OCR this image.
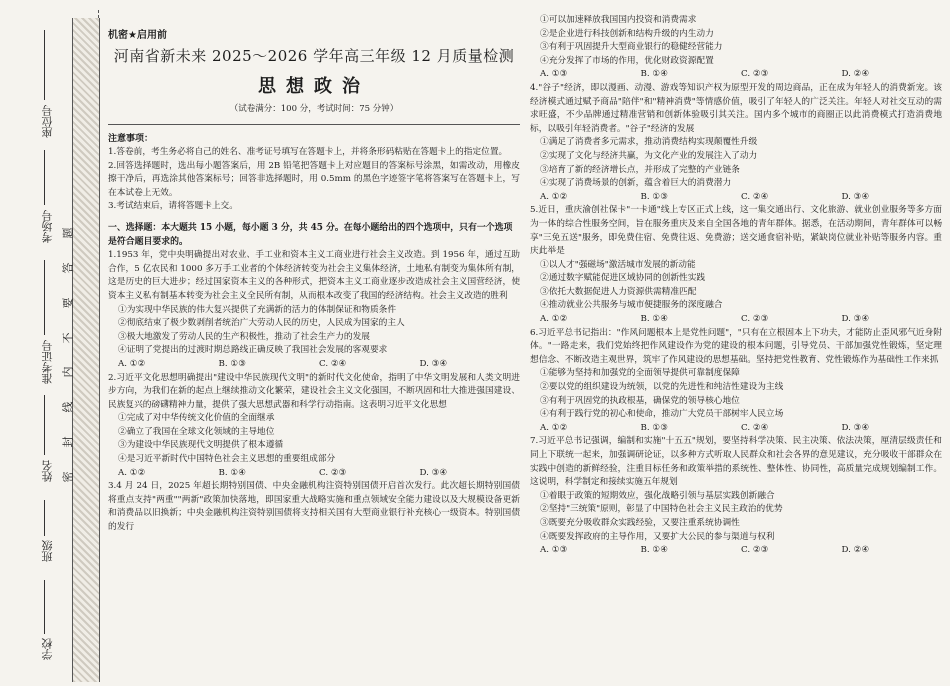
座位号
考场号
准考证号
姓名
班级
学校
题
答
要
不
内
线
封
密

机密★启用前

河南省新未来 2025～2026 学年高三年级 12 月质量检测

思想政治

（试卷满分：100 分，考试时间：75 分钟）

注意事项：

1.答卷前，考生务必将自己的姓名、准考证号填写在答题卡上，并将条形码粘贴在答题卡上的指定位置。

2.回答选择题时，选出每小题答案后，用 2B 铅笔把答题卡上对应题目的答案标号涂黑，如需改动，用橡皮擦干净后，再选涂其他答案标号；回答非选择题时，用 0.5mm 的黑色字迹签字笔将答案写在答题卡上，写在本试卷上无效。

3.考试结束后，请将答题卡上交。

一、选择题：本大题共 15 小题，每小题 3 分，共 45 分。在每小题给出的四个选项中，只有一个选项是符合题目要求的。

1.1953 年，党中央明确提出对农业、手工业和资本主义工商业进行社会主义改造。到 1956 年，通过互助合作，5 亿农民和 1000 多万手工业者的个体经济转变为社会主义集体经济，土地私有制变为集体所有制，这是历史的巨大进步；经过国家资本主义的各种形式，把资本主义工商业逐步改造成社会主义国营经济，使资本主义私有制基本转变为社会主义全民所有制，从而根本改变了我国的经济结构。社会主义改造的胜利

①为实现中华民族的伟大复兴提供了充满新的活力的体制保证和物质条件

②彻底结束了极少数剥削者统治广大劳动人民的历史，人民成为国家的主人

③极大地激发了劳动人民的生产积极性，推动了社会生产力的发展

④证明了党提出的过渡时期总路线正确反映了我国社会发展的客观要求

A. ①②	B. ①③	C. ②④	D. ③④

2.习近平文化思想明确提出"建设中华民族现代文明"的新时代文化使命，指明了中华文明发展和人类文明进步方向，为我们在新的起点上继续推动文化繁荣，建设社会主义文化强国，不断巩固和壮大推进强国建设、民族复兴的磅礴精神力量，提供了强大思想武器和科学行动指南。这表明习近平文化思想

①完成了对中华传统文化价值的全面继承

②确立了我国在全球文化领域的主导地位

③为建设中华民族现代文明提供了根本遵循

④是习近平新时代中国特色社会主义思想的重要组成部分

A. ①②	B. ①④	C. ②③	D. ③④

3.4 月 24 日，2025 年超长期特别国债、中央金融机构注资特别国债开启首次发行。此次超长期特别国债将重点支持"两重""两新"政策加快落地，即国家重大战略实施和重点领域安全能力建设以及大规模设备更新和消费品以旧换新；中央金融机构注资特别国债将支持相关国有大型商业银行补充核心一级资本。特别国债的发行

①可以加速释放我国国内投资和消费需求

②是企业进行科技创新和结构升级的内生动力

③有利于巩固提升大型商业银行的稳健经营能力

④充分发挥了市场的作用，优化财政资源配置

A. ①③	B. ①④	C. ②③	D. ②④

4."谷子"经济，即以漫画、动漫、游戏等知识产权为原型开发的周边商品，正在成为年轻人的消费新宠。该经济模式通过赋予商品"陪伴"和"精神消费"等情感价值，吸引了年轻人的广泛关注。年轻人对社交互动的需求旺盛，不少品牌通过精准营销和创新体验吸引其关注。国内多个城市的商圈正以此消费模式打造消费地标，以吸引年轻消费者。"谷子"经济的发展

①满足了消费者多元需求，推动消费结构实现颠覆性升级

②实现了文化与经济共赢，为文化产业的发展注入了动力

③培育了新的经济增长点，并形成了完整的产业链条

④实现了消费场景的创新，蕴含着巨大的消费潜力

A. ①②	B. ①③	C. ②④	D. ③④

5.近日，重庆渝创社保卡"一卡通"线上专区正式上线，这一集交通出行、文化旅游、就业创业服务等多方面为一体的综合性服务空间，旨在服务重庆及来自全国各地的青年群体。据悉，在活动期间，青年群体可以畅享"三免五送"服务，即免费住宿、免费往返、免费游；送交通食宿补贴，紧缺岗位就业补贴等服务内容。重庆此举是

①以人才"强磁场"激活城市发展的新动能

②通过数字赋能促进区域协同的创新性实践

③依托大数据促进人力资源供需精准匹配

④推动就业公共服务与城市便捷服务的深度融合

A. ①②	B. ①④	C. ②③	D. ③④

6.习近平总书记指出："作风问题根本上是党性问题"，"只有在立根固本上下功夫，才能防止歪风邪气近身附体。"一路走来，我们党始终把作风建设作为党的建设的根本问题，引导党员、干部加强党性锻炼，坚定理想信念、不断改造主观世界，筑牢了作风建设的思想基础。坚持把党性教育、党性锻炼作为基础性工作来抓

①能够为坚持和加强党的全面领导提供可靠制度保障

②要以党的组织建设为统领，以党的先进性和纯洁性建设为主线

③有利于巩固党的执政根基，确保党的领导核心地位

④有利于践行党的初心和使命，推动广大党员干部树牢人民立场

A. ①②	B. ①③	C. ②④	D. ③④

7.习近平总书记强调，编制和实施"十五五"规划，要坚持科学决策、民主决策、依法决策，厘清层级责任和同上下联统一起来，加强调研论证，以多种方式听取人民群众和社会各界的意见建议，充分吸收干部群众在实践中创造的新鲜经验，注重目标任务和政策举措的系统性、整体性、协同性，高质量完成规划编制工作。这说明，科学制定和接续实施五年规划

①着眼于政策的短期效应，强化战略引领与基层实践创新融合

②坚持"三统策"原则，彰显了中国特色社会主义民主政治的优势

③既要充分吸收群众实践经验，又要注重系统协调性

④既要发挥政府的主导作用，又要扩大公民的参与渠道与权利

A. ①③	B. ①④	C. ②③	D. ②④
